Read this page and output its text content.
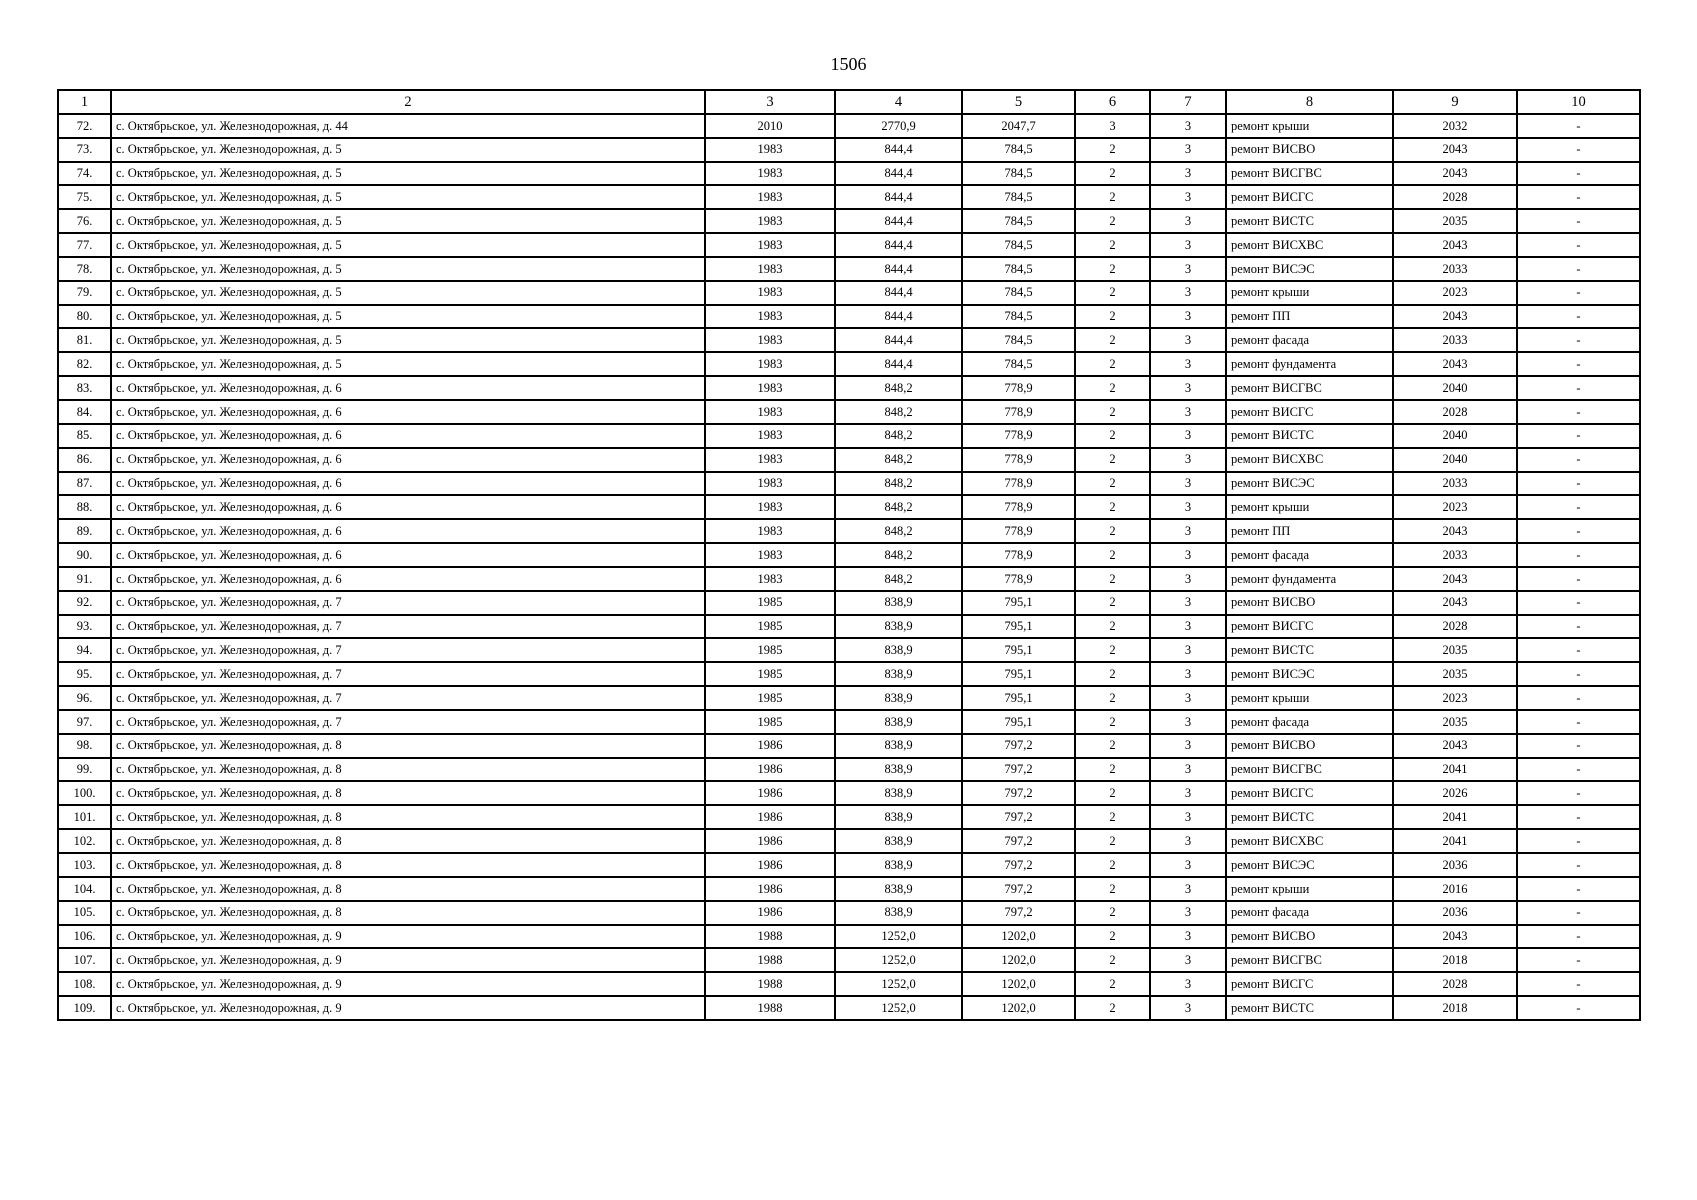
1506
1	2	3	4	5	6	7	8	9	10
72.	с. Октябрьское, ул. Железнодорожная, д. 44	2010	2770,9	2047,7	3	3	ремонт крыши	2032	-
73.	с. Октябрьское, ул. Железнодорожная, д. 5	1983	844,4	784,5	2	3	ремонт ВИСВО	2043	-
74.	с. Октябрьское, ул. Железнодорожная, д. 5	1983	844,4	784,5	2	3	ремонт ВИСГВС	2043	-
75.	с. Октябрьское, ул. Железнодорожная, д. 5	1983	844,4	784,5	2	3	ремонт ВИСГС	2028	-
76.	с. Октябрьское, ул. Железнодорожная, д. 5	1983	844,4	784,5	2	3	ремонт ВИСТС	2035	-
77.	с. Октябрьское, ул. Железнодорожная, д. 5	1983	844,4	784,5	2	3	ремонт ВИСХВС	2043	-
78.	с. Октябрьское, ул. Железнодорожная, д. 5	1983	844,4	784,5	2	3	ремонт ВИСЭС	2033	-
79.	с. Октябрьское, ул. Железнодорожная, д. 5	1983	844,4	784,5	2	3	ремонт крыши	2023	-
80.	с. Октябрьское, ул. Железнодорожная, д. 5	1983	844,4	784,5	2	3	ремонт ПП	2043	-
81.	с. Октябрьское, ул. Железнодорожная, д. 5	1983	844,4	784,5	2	3	ремонт фасада	2033	-
82.	с. Октябрьское, ул. Железнодорожная, д. 5	1983	844,4	784,5	2	3	ремонт фундамента	2043	-
83.	с. Октябрьское, ул. Железнодорожная, д. 6	1983	848,2	778,9	2	3	ремонт ВИСГВС	2040	-
84.	с. Октябрьское, ул. Железнодорожная, д. 6	1983	848,2	778,9	2	3	ремонт ВИСГС	2028	-
85.	с. Октябрьское, ул. Железнодорожная, д. 6	1983	848,2	778,9	2	3	ремонт ВИСТС	2040	-
86.	с. Октябрьское, ул. Железнодорожная, д. 6	1983	848,2	778,9	2	3	ремонт ВИСХВС	2040	-
87.	с. Октябрьское, ул. Железнодорожная, д. 6	1983	848,2	778,9	2	3	ремонт ВИСЭС	2033	-
88.	с. Октябрьское, ул. Железнодорожная, д. 6	1983	848,2	778,9	2	3	ремонт крыши	2023	-
89.	с. Октябрьское, ул. Железнодорожная, д. 6	1983	848,2	778,9	2	3	ремонт ПП	2043	-
90.	с. Октябрьское, ул. Железнодорожная, д. 6	1983	848,2	778,9	2	3	ремонт фасада	2033	-
91.	с. Октябрьское, ул. Железнодорожная, д. 6	1983	848,2	778,9	2	3	ремонт фундамента	2043	-
92.	с. Октябрьское, ул. Железнодорожная, д. 7	1985	838,9	795,1	2	3	ремонт ВИСВО	2043	-
93.	с. Октябрьское, ул. Железнодорожная, д. 7	1985	838,9	795,1	2	3	ремонт ВИСГС	2028	-
94.	с. Октябрьское, ул. Железнодорожная, д. 7	1985	838,9	795,1	2	3	ремонт ВИСТС	2035	-
95.	с. Октябрьское, ул. Железнодорожная, д. 7	1985	838,9	795,1	2	3	ремонт ВИСЭС	2035	-
96.	с. Октябрьское, ул. Железнодорожная, д. 7	1985	838,9	795,1	2	3	ремонт крыши	2023	-
97.	с. Октябрьское, ул. Железнодорожная, д. 7	1985	838,9	795,1	2	3	ремонт фасада	2035	-
98.	с. Октябрьское, ул. Железнодорожная, д. 8	1986	838,9	797,2	2	3	ремонт ВИСВО	2043	-
99.	с. Октябрьское, ул. Железнодорожная, д. 8	1986	838,9	797,2	2	3	ремонт ВИСГВС	2041	-
100.	с. Октябрьское, ул. Железнодорожная, д. 8	1986	838,9	797,2	2	3	ремонт ВИСГС	2026	-
101.	с. Октябрьское, ул. Железнодорожная, д. 8	1986	838,9	797,2	2	3	ремонт ВИСТС	2041	-
102.	с. Октябрьское, ул. Железнодорожная, д. 8	1986	838,9	797,2	2	3	ремонт ВИСХВС	2041	-
103.	с. Октябрьское, ул. Железнодорожная, д. 8	1986	838,9	797,2	2	3	ремонт ВИСЭС	2036	-
104.	с. Октябрьское, ул. Железнодорожная, д. 8	1986	838,9	797,2	2	3	ремонт крыши	2016	-
105.	с. Октябрьское, ул. Железнодорожная, д. 8	1986	838,9	797,2	2	3	ремонт фасада	2036	-
106.	с. Октябрьское, ул. Железнодорожная, д. 9	1988	1252,0	1202,0	2	3	ремонт ВИСВО	2043	-
107.	с. Октябрьское, ул. Железнодорожная, д. 9	1988	1252,0	1202,0	2	3	ремонт ВИСГВС	2018	-
108.	с. Октябрьское, ул. Железнодорожная, д. 9	1988	1252,0	1202,0	2	3	ремонт ВИСГС	2028	-
109.	с. Октябрьское, ул. Железнодорожная, д. 9	1988	1252,0	1202,0	2	3	ремонт ВИСТС	2018	-
